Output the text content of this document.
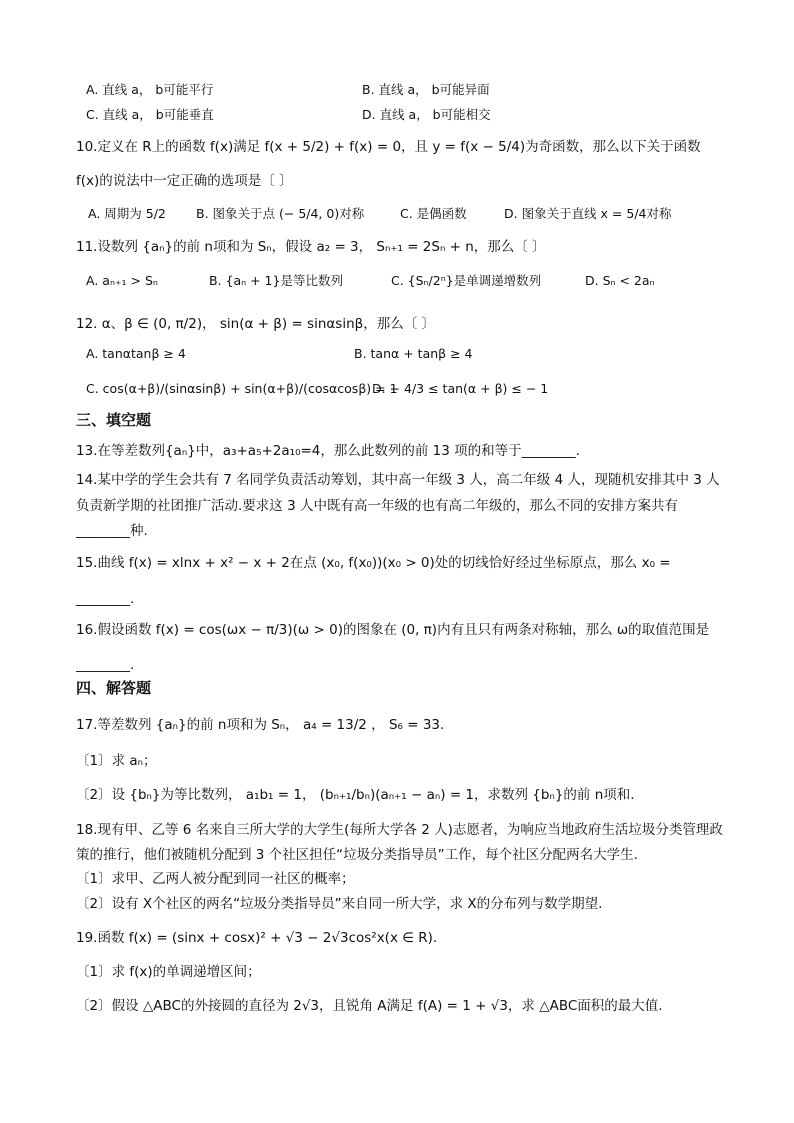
A. 直线 a， b可能平行	B. 直线 a， b可能异面
C. 直线 a， b可能垂直	D. 直线 a， b可能相交
10.定义在 R上的函数 f(x)满足 f(x + 5/2) + f(x) = 0，且 y = f(x − 5/4)为奇函数，那么以下关于函数
f(x)的说法中一定正确的选项是〔 〕
A. 周期为 5/2 B. 图象关于点 (− 5/4, 0)对称	C. 是偶函数	D. 图象关于直线 x = 5/4对称
11.设数列 {aₙ}的前 n项和为 Sₙ，假设 a₂ = 3， Sₙ₊₁ = 2Sₙ + n，那么〔 〕
A. aₙ₊₁ > Sₙ	B. {aₙ + 1}是等比数列	C. {Sₙ/2ⁿ}是单调递增数列	D. Sₙ < 2aₙ
12. α、β ∈ (0, π/2)， sin(α + β) = sinαsinβ，那么〔 〕
A. tanαtanβ ≥ 4	B. tanα + tanβ ≥ 4
C. cos(α+β)/(sinαsinβ) + sin(α+β)/(cosαcosβ) = 1
D. − 4/3 ≤ tan(α + β) ≤ − 1
三、填空题
13.在等差数列{aₙ}中，a₃+a₅+2a₁₀=4，那么此数列的前 13 项的和等于________.
14.某中学的学生会共有 7 名同学负责活动筹划，其中高一年级 3 人，高二年级 4 人，现随机安排其中 3 人
负责新学期的社团推广活动.要求这 3 人中既有高一年级的也有高二年级的，那么不同的安排方案共有
________种.
15.曲线 f(x) = xlnx + x² − x + 2在点 (x₀, f(x₀))(x₀ > 0)处的切线恰好经过坐标原点，那么 x₀ =
________.
16.假设函数 f(x) = cos(ωx − π/3)(ω > 0)的图象在 (0, π)内有且只有两条对称轴，那么 ω的取值范围是
________.
四、解答题
17.等差数列 {aₙ}的前 n项和为 Sₙ， a₄ = 13/2 ， S₆ = 33.
〔1〕求 aₙ；
〔2〕设 {bₙ}为等比数列， a₁b₁ = 1， (bₙ₊₁/bₙ)(aₙ₊₁ − aₙ) = 1，求数列 {bₙ}的前 n项和.
18.现有甲、乙等 6 名来自三所大学的大学生(每所大学各 2 人)志愿者，为响应当地政府生活垃圾分类管理政
策的推行，他们被随机分配到 3 个社区担任“垃圾分类指导员”工作，每个社区分配两名大学生.
〔1〕求甲、乙两人被分配到同一社区的概率；
〔2〕设有 X个社区的两名“垃圾分类指导员”来自同一所大学，求 X的分布列与数学期望.
19.函数 f(x) = (sinx + cosx)² + √3 − 2√3cos²x(x ∈ R).
〔1〕求 f(x)的单调递增区间；
〔2〕假设 △ABC的外接圆的直径为 2√3，且锐角 A满足 f(A) = 1 + √3，求 △ABC面积的最大值.
